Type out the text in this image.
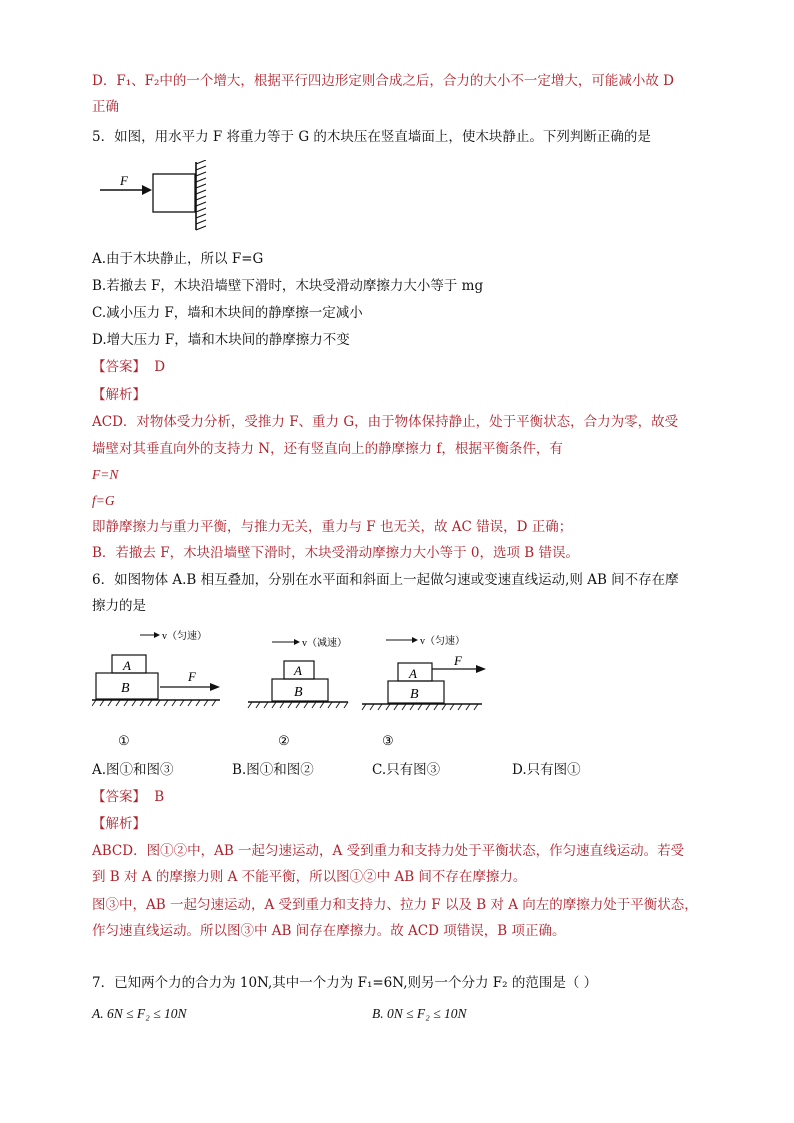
D．F₁、F₂中的一个增大，根据平行四边形定则合成之后，合力的大小不一定增大，可能减小故 D
正确
5．如图，用水平力 F 将重力等于 G 的木块压在竖直墙面上，使木块静止。下列判断正确的是
F
A.由于木块静止，所以 F=G
B.若撤去 F，木块沿墙壁下滑时，木块受滑动摩擦力大小等于 mg
C.减小压力 F，墙和木块间的静摩擦一定减小
D.增大压力 F，墙和木块间的静摩擦力不变
【答案】 D
【解析】
ACD．对物体受力分析，受推力 F、重力 G，由于物体保持静止，处于平衡状态，合力为零，故受
墙壁对其垂直向外的支持力 N，还有竖直向上的静摩擦力 f，根据平衡条件，有
F=N
f=G
即静摩擦力与重力平衡，与推力无关，重力与 F 也无关，故 AC 错误，D 正确；
B．若撤去 F，木块沿墙壁下滑时，木块受滑动摩擦力大小等于 0，选项 B 错误。
6．如图物体 A.B 相互叠加，分别在水平面和斜面上一起做匀速或变速直线运动,则 AB 间不存在摩
擦力的是
v（匀速）
A
B
F
①
v（减速）
A
B
②
v（匀速）
A
F
B
③
A.图①和图③	B.图①和图②	C.只有图③	D.只有图①
【答案】 B
【解析】
ABCD．图①②中，AB 一起匀速运动，A 受到重力和支持力处于平衡状态，作匀速直线运动。若受
到 B 对 A 的摩擦力则 A 不能平衡，所以图①②中 AB 间不存在摩擦力。
图③中，AB 一起匀速运动，A 受到重力和支持力、拉力 F 以及 B 对 A 向左的摩擦力处于平衡状态，
作匀速直线运动。所以图③中 AB 间存在摩擦力。故 ACD 项错误，B 项正确。
7．已知两个力的合力为 10N,其中一个力为 F₁=6N,则另一个分力 F₂ 的范围是（ ）
A. 6N ≤ F₂ ≤ 10N	B. 0N ≤ F₂ ≤ 10N
